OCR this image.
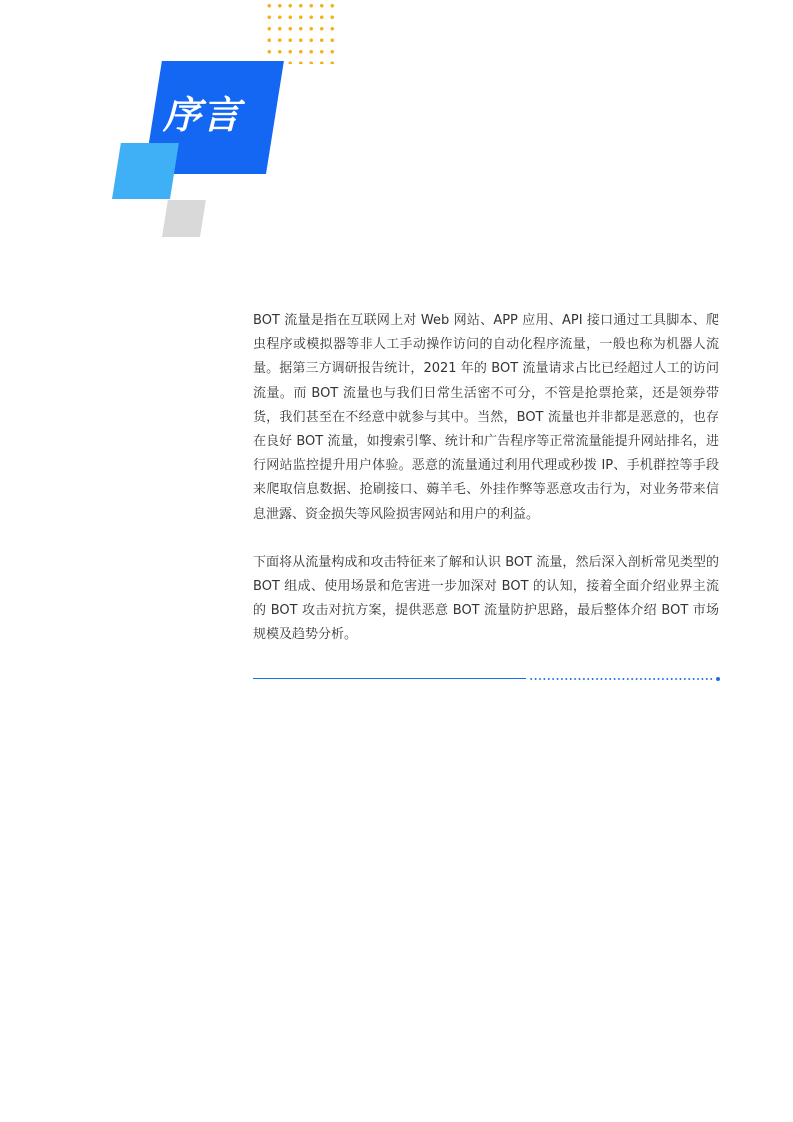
序言

BOT 流量是指在互联网上对 Web 网站、APP 应用、API 接口通过工具脚本、爬虫程序或模拟器等非人工手动操作访问的自动化程序流量，一般也称为机器人流量。据第三方调研报告统计，2021 年的 BOT 流量请求占比已经超过人工的访问流量。而 BOT 流量也与我们日常生活密不可分，不管是抢票抢菜，还是领券带货，我们甚至在不经意中就参与其中。当然，BOT 流量也并非都是恶意的，也存在良好 BOT 流量，如搜索引擎、统计和广告程序等正常流量能提升网站排名，进行网站监控提升用户体验。恶意的流量通过利用代理或秒拨 IP、手机群控等手段来爬取信息数据、抢刷接口、薅羊毛、外挂作弊等恶意攻击行为，对业务带来信息泄露、资金损失等风险损害网站和用户的利益。

下面将从流量构成和攻击特征来了解和认识 BOT 流量，然后深入剖析常见类型的 BOT 组成、使用场景和危害进一步加深对 BOT 的认知，接着全面介绍业界主流的 BOT 攻击对抗方案，提供恶意 BOT 流量防护思路，最后整体介绍 BOT 市场规模及趋势分析。
